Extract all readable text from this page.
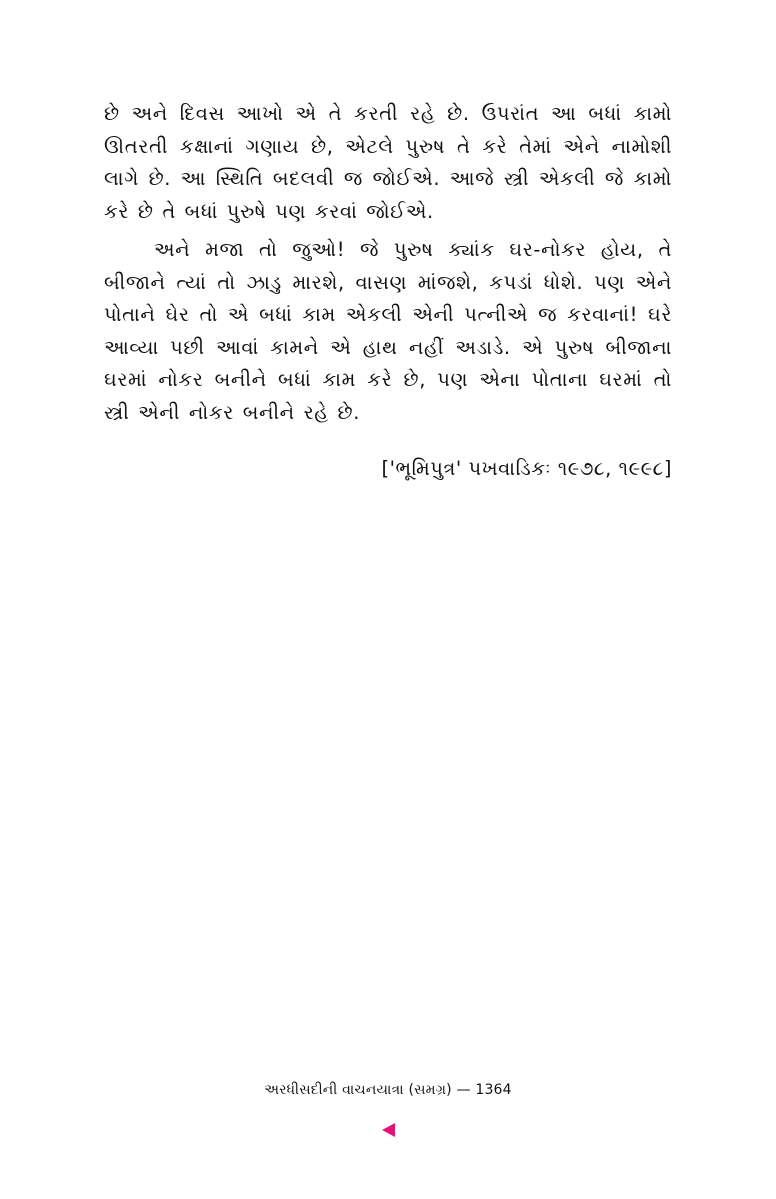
છે અને દિવસ આખો એ તે કરતી રહે છે. ઉપરાંત આ બધાં કામો ઊતરતી કક્ષાનાં ગણાય છે, એટલે પુરુષ તે કરે તેમાં એને નામોશી લાગે છે. આ સ્થિતિ બદલવી જ જોઈએ. આજે સ્ત્રી એકલી જે કામો કરે છે તે બધાં પુરુષે પણ કરવાં જોઈએ.

અને મજા તો જુઓ! જે પુરુષ ક્યાંક ઘર-નોકર હોય, તે બીજાને ત્યાં તો ઝાડુ મારશે, વાસણ માંજશે, કપડાં ધોશે. પણ એને પોતાને ઘેર તો એ બધાં કામ એકલી એની પત્નીએ જ કરવાનાં! ઘરે આવ્યા પછી આવાં કામને એ હાથ નહીં અડાડે. એ પુરુષ બીજાના ઘરમાં નોકર બનીને બધાં કામ કરે છે, પણ એના પોતાના ઘરમાં તો સ્ત્રી એની નોકર બનીને રહે છે.

['ભૂમિપુત્ર' પખવાડિકઃ ૧૯૭૮, ૧૯૯૮]
અરધીસદીની વાચનયાત્રા (સમગ્ર) — 1364
